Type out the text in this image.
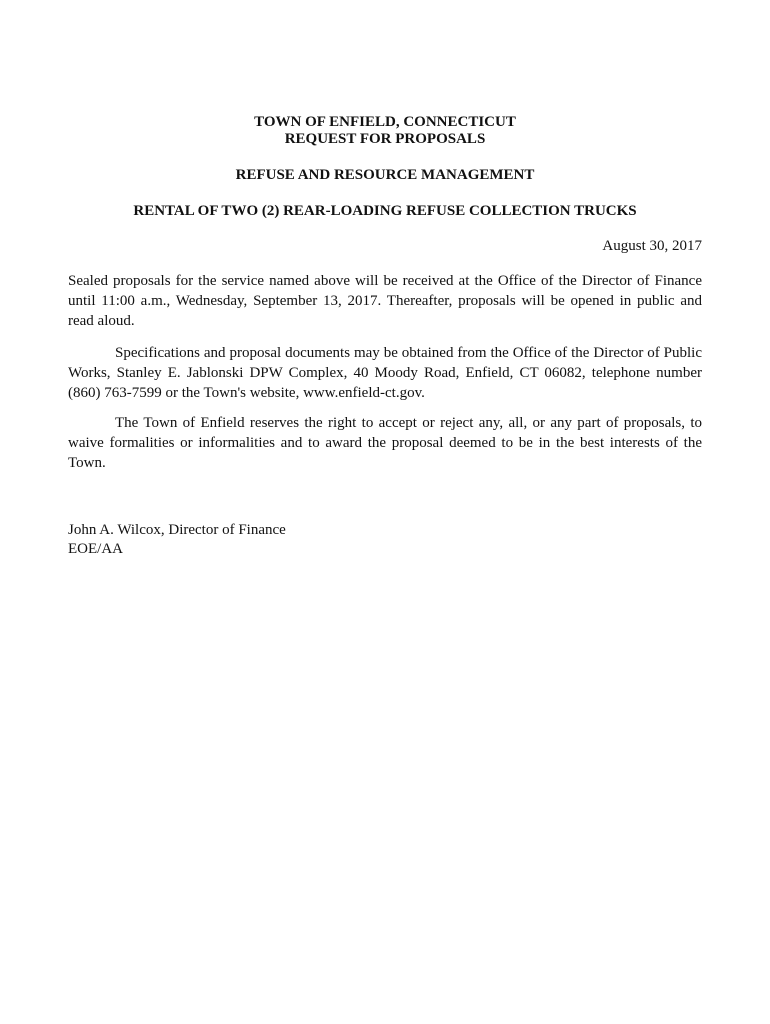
TOWN OF ENFIELD, CONNECTICUT
REQUEST FOR PROPOSALS
REFUSE AND RESOURCE MANAGEMENT
RENTAL OF TWO (2) REAR-LOADING REFUSE COLLECTION TRUCKS
August 30, 2017

Sealed proposals for the service named above will be received at the Office of the Director of Finance until 11:00 a.m., Wednesday, September 13, 2017. Thereafter, proposals will be opened in public and read aloud.

Specifications and proposal documents may be obtained from the Office of the Director of Public Works, Stanley E. Jablonski DPW Complex, 40 Moody Road, Enfield, CT 06082, telephone number (860) 763-7599 or the Town's website, www.enfield-ct.gov.

The Town of Enfield reserves the right to accept or reject any, all, or any part of proposals, to waive formalities or informalities and to award the proposal deemed to be in the best interests of the Town.

John A. Wilcox, Director of Finance
EOE/AA
